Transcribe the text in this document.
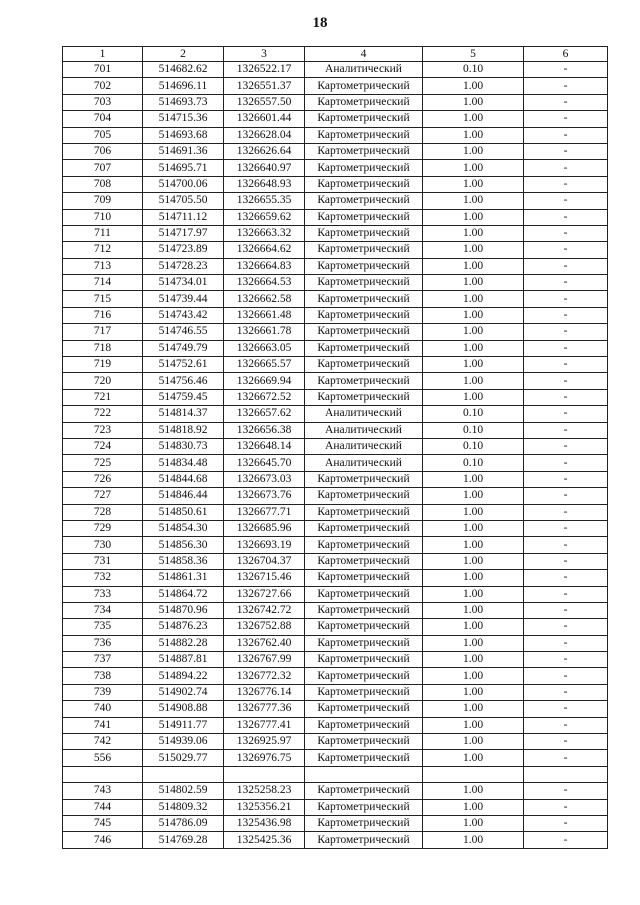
18
1	2	3	4	5	6
701	514682.62	1326522.17	Аналитический	0.10	-
702	514696.11	1326551.37	Картометрический	1.00	-
703	514693.73	1326557.50	Картометрический	1.00	-
704	514715.36	1326601.44	Картометрический	1.00	-
705	514693.68	1326628.04	Картометрический	1.00	-
706	514691.36	1326626.64	Картометрический	1.00	-
707	514695.71	1326640.97	Картометрический	1.00	-
708	514700.06	1326648.93	Картометрический	1.00	-
709	514705.50	1326655.35	Картометрический	1.00	-
710	514711.12	1326659.62	Картометрический	1.00	-
711	514717.97	1326663.32	Картометрический	1.00	-
712	514723.89	1326664.62	Картометрический	1.00	-
713	514728.23	1326664.83	Картометрический	1.00	-
714	514734.01	1326664.53	Картометрический	1.00	-
715	514739.44	1326662.58	Картометрический	1.00	-
716	514743.42	1326661.48	Картометрический	1.00	-
717	514746.55	1326661.78	Картометрический	1.00	-
718	514749.79	1326663.05	Картометрический	1.00	-
719	514752.61	1326665.57	Картометрический	1.00	-
720	514756.46	1326669.94	Картометрический	1.00	-
721	514759.45	1326672.52	Картометрический	1.00	-
722	514814.37	1326657.62	Аналитический	0.10	-
723	514818.92	1326656.38	Аналитический	0.10	-
724	514830.73	1326648.14	Аналитический	0.10	-
725	514834.48	1326645.70	Аналитический	0.10	-
726	514844.68	1326673.03	Картометрический	1.00	-
727	514846.44	1326673.76	Картометрический	1.00	-
728	514850.61	1326677.71	Картометрический	1.00	-
729	514854.30	1326685.96	Картометрический	1.00	-
730	514856.30	1326693.19	Картометрический	1.00	-
731	514858.36	1326704.37	Картометрический	1.00	-
732	514861.31	1326715.46	Картометрический	1.00	-
733	514864.72	1326727.66	Картометрический	1.00	-
734	514870.96	1326742.72	Картометрический	1.00	-
735	514876.23	1326752.88	Картометрический	1.00	-
736	514882.28	1326762.40	Картометрический	1.00	-
737	514887.81	1326767.99	Картометрический	1.00	-
738	514894.22	1326772.32	Картометрический	1.00	-
739	514902.74	1326776.14	Картометрический	1.00	-
740	514908.88	1326777.36	Картометрический	1.00	-
741	514911.77	1326777.41	Картометрический	1.00	-
742	514939.06	1326925.97	Картометрический	1.00	-
556	515029.77	1326976.75	Картометрический	1.00	-

743	514802.59	1325258.23	Картометрический	1.00	-
744	514809.32	1325356.21	Картометрический	1.00	-
745	514786.09	1325436.98	Картометрический	1.00	-
746	514769.28	1325425.36	Картометрический	1.00	-
